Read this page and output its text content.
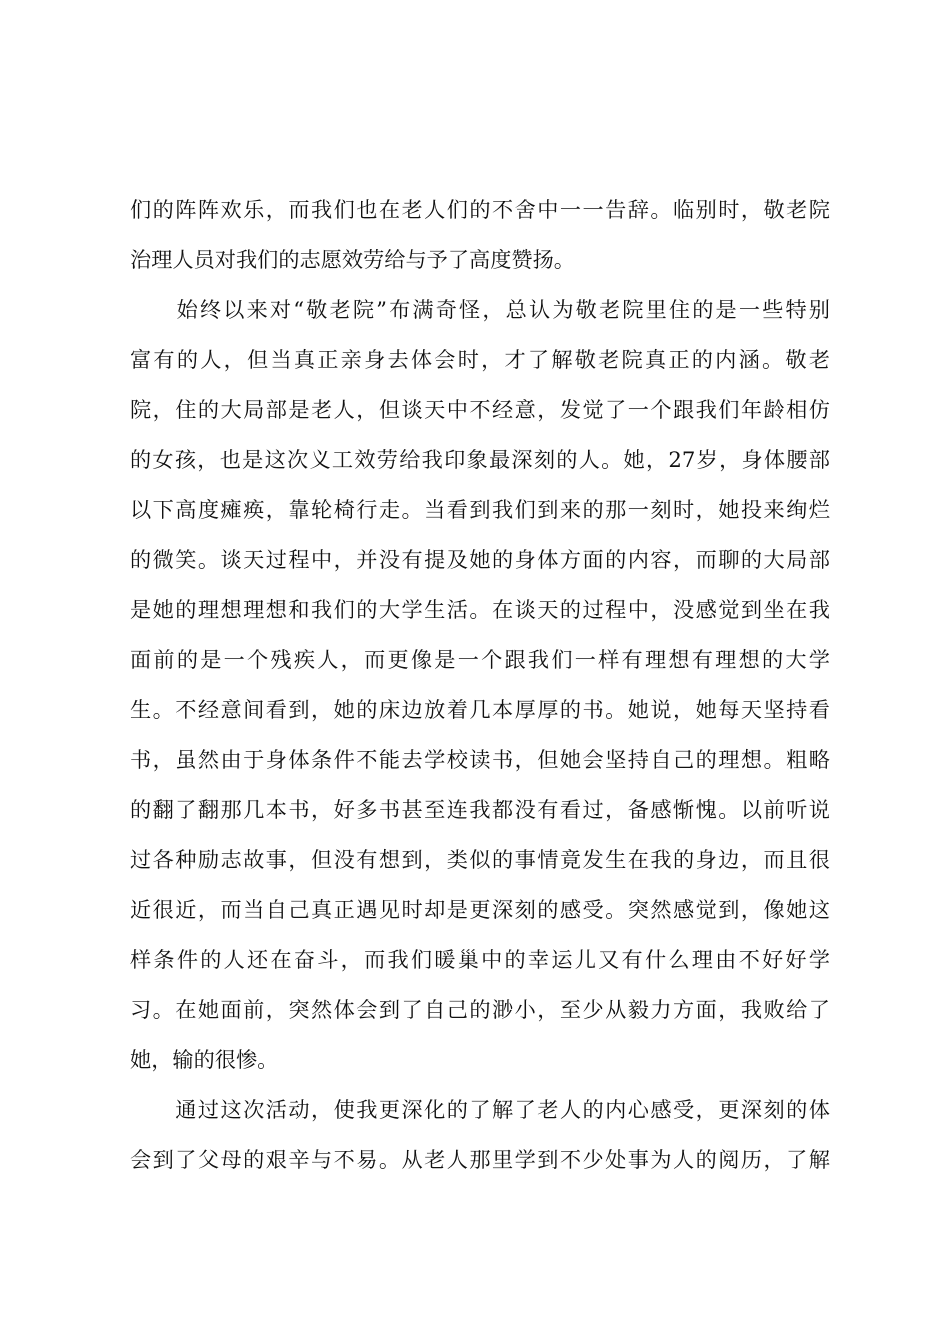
们的阵阵欢乐，而我们也在老人们的不舍中一一告辞。临别时，敬老院
治理人员对我们的志愿效劳给与予了高度赞扬。
　　始终以来对“敬老院”布满奇怪，总认为敬老院里住的是一些特别
富有的人，但当真正亲身去体会时，才了解敬老院真正的内涵。敬老
院，住的大局部是老人，但谈天中不经意，发觉了一个跟我们年龄相仿
的女孩，也是这次义工效劳给我印象最深刻的人。她，27岁，身体腰部
以下高度瘫痪，靠轮椅行走。当看到我们到来的那一刻时，她投来绚烂
的微笑。谈天过程中，并没有提及她的身体方面的内容，而聊的大局部
是她的理想理想和我们的大学生活。在谈天的过程中，没感觉到坐在我
面前的是一个残疾人，而更像是一个跟我们一样有理想有理想的大学
生。不经意间看到，她的床边放着几本厚厚的书。她说，她每天坚持看
书，虽然由于身体条件不能去学校读书，但她会坚持自己的理想。粗略
的翻了翻那几本书，好多书甚至连我都没有看过，备感惭愧。以前听说
过各种励志故事，但没有想到，类似的事情竟发生在我的身边，而且很
近很近，而当自己真正遇见时却是更深刻的感受。突然感觉到，像她这
样条件的人还在奋斗，而我们暖巢中的幸运儿又有什么理由不好好学
习。在她面前，突然体会到了自己的渺小，至少从毅力方面，我败给了
她，输的很惨。
　　通过这次活动，使我更深化的了解了老人的内心感受，更深刻的体
会到了父母的艰辛与不易。从老人那里学到不少处事为人的阅历，了解
